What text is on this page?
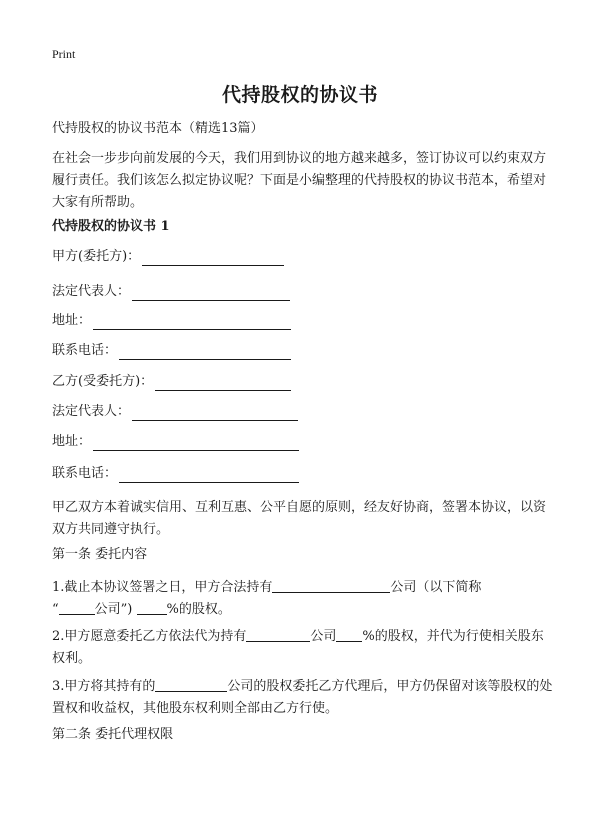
Print
代持股权的协议书
代持股权的协议书范本（精选13篇）
在社会一步步向前发展的今天，我们用到协议的地方越来越多，签订协议可以约束双方履行责任。我们该怎么拟定协议呢？下面是小编整理的代持股权的协议书范本，希望对大家有所帮助。
代持股权的协议书 1
甲方(委托方)：
法定代表人：
地址：
联系电话：
乙方(受委托方)：
法定代表人：
地址：
联系电话：
甲乙双方本着诚实信用、互利互惠、公平自愿的原则，经友好协商，签署本协议，以资双方共同遵守执行。
第一条 委托内容
1.截止本协议签署之日，甲方合法持有	公司（以下简称
“	公司”)	%的股权。
2.甲方愿意委托乙方依法代为持有	公司 %的股权，并代为行使相关股东权利。
3.甲方将其持有的	公司的股权委托乙方代理后，甲方仍保留对该等股权的处置权和收益权，其他股东权利则全部由乙方行使。
第二条 委托代理权限
